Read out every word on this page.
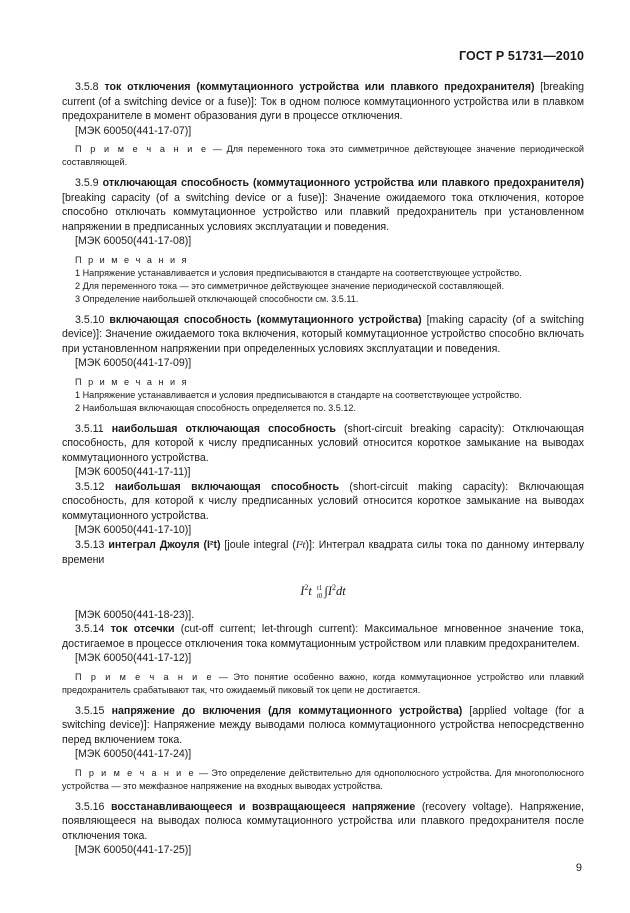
ГОСТ Р 51731—2010

3.5.8 ток отключения (коммутационного устройства или плавкого предохранителя) [breaking current (of a switching device or a fuse)]: Ток в одном полюсе коммутационного устройства или в плавком предохранителе в момент образования дуги в процессе отключения.

[МЭК 60050(441-17-07)]

П р и м е ч а н и е — Для переменного тока это симметричное действующее значение периодической составляющей.

3.5.9 отключающая способность (коммутационного устройства или плавкого предохранителя) [breaking capacity (of a switching device or a fuse)]: Значение ожидаемого тока отключения, которое способно отключать коммутационное устройство или плавкий предохранитель при установленном напряжении в предписанных условиях эксплуатации и поведения.

[МЭК 60050(441-17-08)]

П р и м е ч а н и я

1 Напряжение устанавливается и условия предписываются в стандарте на соответствующее устройство.

2 Для переменного тока — это симметричное действующее значение периодической составляющей.

3 Определение наибольшей отключающей способности см. 3.5.11.

3.5.10 включающая способность (коммутационного устройства) [making capacity (of a switching device)]: Значение ожидаемого тока включения, который коммутационное устройство способно включать при установленном напряжении при определенных условиях эксплуатации и поведения.

[МЭК 60050(441-17-09)]

П р и м е ч а н и я

1 Напряжение устанавливается и условия предписываются в стандарте на соответствующее устройство.

2 Наибольшая включающая способность определяется по. 3.5.12.

3.5.11 наибольшая отключающая способность (short-circuit breaking capacity): Отключающая способность, для которой к числу предписанных условий относится короткое замыкание на выводах коммутационного устройства.

[МЭК 60050(441-17-11)]

3.5.12 наибольшая включающая способность (short-circuit making capacity): Включающая способность, для которой к числу предписанных условий относится короткое замыкание на выводах коммутационного устройства.

[МЭК 60050(441-17-10)]

3.5.13 интеграл Джоуля (I²t) [joule integral (I²t)]: Интеграл квадрата силы тока по данному интервалу времени

$I^2t$ t1
t0 $\int I^2dt$

[МЭК 60050(441-18-23)].

3.5.14 ток отсечки (cut-off current; let-through current): Максимальное мгновенное значение тока, достигаемое в процессе отключения тока коммутационным устройством или плавким предохранителем.

[МЭК 60050(441-17-12)]

П р и м е ч а н и е — Это понятие особенно важно, когда коммутационное устройство или плавкий предохранитель срабатывают так, что ожидаемый пиковый ток цепи не достигается.

3.5.15 напряжение до включения (для коммутационного устройства) [applied voltage (for a switching device)]: Напряжение между выводами полюса коммутационного устройства непосредственно перед включением тока.

[МЭК 60050(441-17-24)]

П р и м е ч а н и е — Это определение действительно для однополюсного устройства. Для многополюсного устройства — это межфазное напряжение на входных выводах устройства.

3.5.16 восстанавливающееся и возвращающееся напряжение (recovery voltage). Напряжение, появляющееся на выводах полюса коммутационного устройства или плавкого предохранителя после отключения тока.

[МЭК 60050(441-17-25)]

9
